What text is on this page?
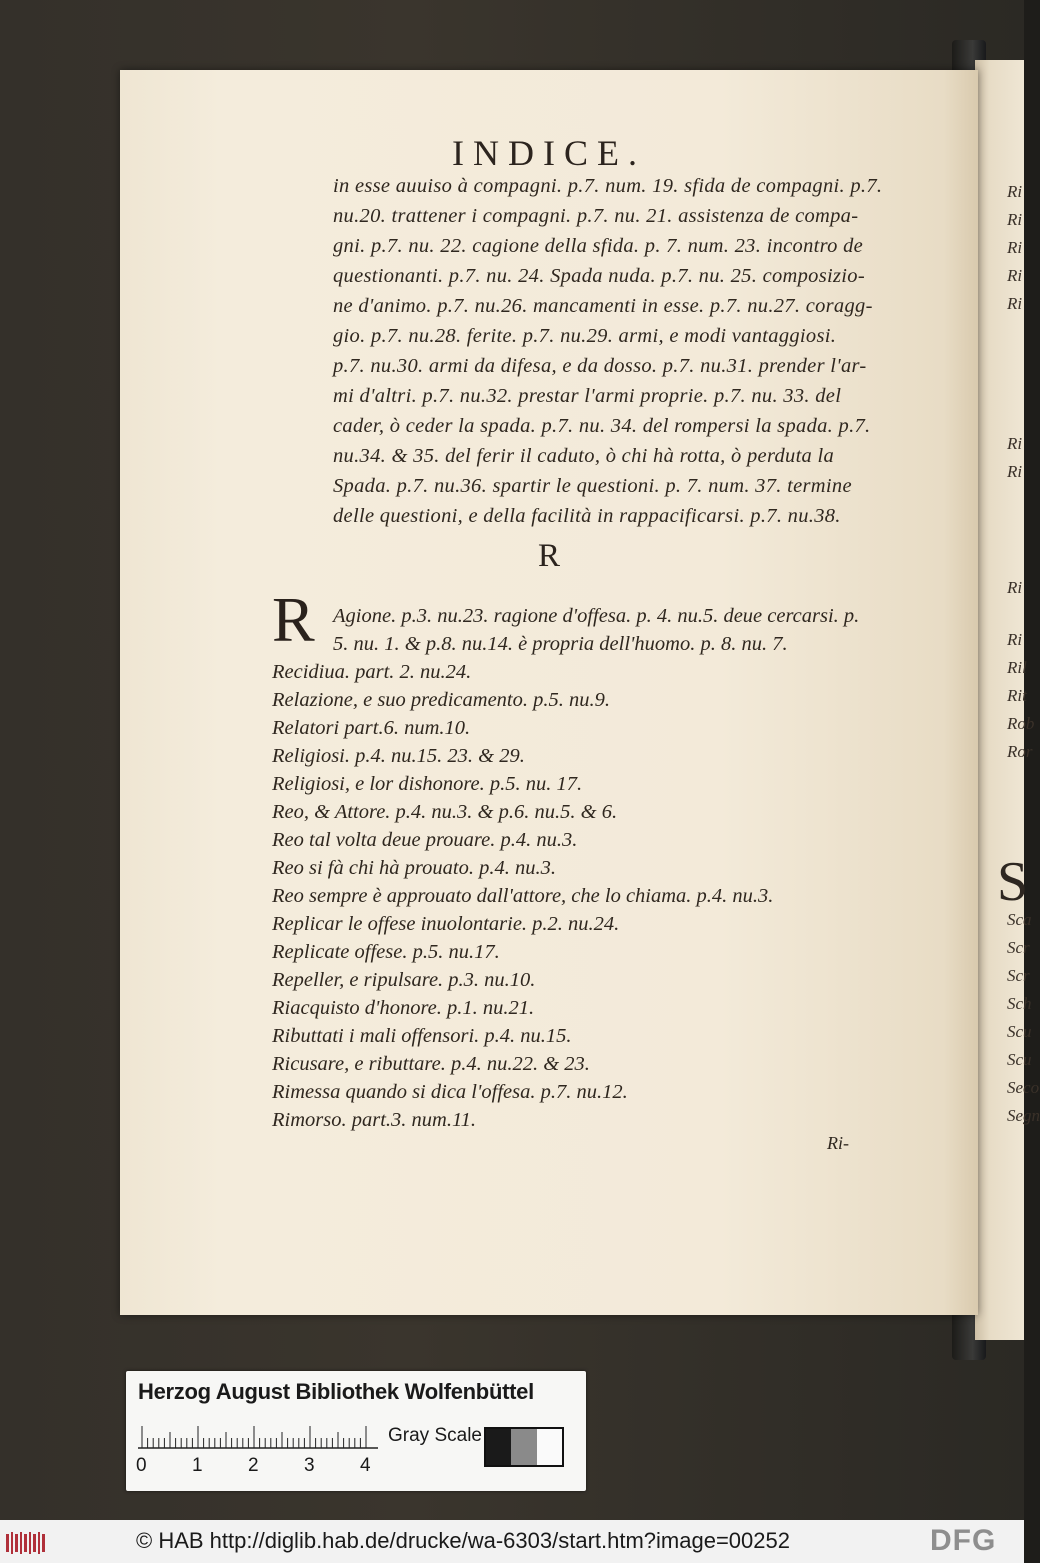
Ri
Ri
Ri
Ri
Ri
Ri
Ri
Ri
Ri
Ril
Rit
Rob
Ror
S
Sca
Scr
Scr
Sch
Scu
Scu
Seco
Segn
INDICE.
in esse auuiso à compagni. p.7. num. 19. sfida de compagni. p.7.
nu.20. trattener i compagni. p.7. nu. 21. assistenza de compa-
gni. p.7. nu. 22. cagione della sfida. p. 7. num. 23. incontro de
questionanti. p.7. nu. 24. Spada nuda. p.7. nu. 25. composizio-
ne d'animo. p.7. nu.26. mancamenti in esse. p.7. nu.27. coragg-
gio. p.7. nu.28. ferite. p.7. nu.29. armi, e modi vantaggiosi.
p.7. nu.30. armi da difesa, e da dosso. p.7. nu.31. prender l'ar-
mi d'altri. p.7. nu.32. prestar l'armi proprie. p.7. nu. 33. del
cader, ò ceder la spada. p.7. nu. 34. del rompersi la spada. p.7.
nu.34. & 35. del ferir il caduto, ò chi hà rotta, ò perduta la
Spada. p.7. nu.36. spartir le questioni. p. 7. num. 37. termine
delle questioni, e della facilità in rappacificarsi. p.7. nu.38.
R
R Agione. p.3. nu.23. ragione d'offesa. p. 4. nu.5. deue cercarsi. p.
5. nu. 1. & p.8. nu.14. è propria dell'huomo. p. 8. nu. 7.
Recidiua. part. 2. nu.24.
Relazione, e suo predicamento. p.5. nu.9.
Relatori part.6. num.10.
Religiosi. p.4. nu.15. 23. & 29.
Religiosi, e lor dishonore. p.5. nu. 17.
Reo, & Attore. p.4. nu.3. & p.6. nu.5. & 6.
Reo tal volta deue prouare. p.4. nu.3.
Reo si fà chi hà prouato. p.4. nu.3.
Reo sempre è approuato dall'attore, che lo chiama. p.4. nu.3.
Replicar le offese inuolontarie. p.2. nu.24.
Replicate offese. p.5. nu.17.
Repeller, e ripulsare. p.3. nu.10.
Riacquisto d'honore. p.1. nu.21.
Ributtati i mali offensori. p.4. nu.15.
Ricusare, e ributtare. p.4. nu.22. & 23.
Rimessa quando si dica l'offesa. p.7. nu.12.
Rimorso. part.3. num.11.
Ri-
Herzog August Bibliothek Wolfenbüttel
0 1 2 3 4
Gray Scale
© HAB http://diglib.hab.de/drucke/wa-6303/start.htm?image=00252	DFG
